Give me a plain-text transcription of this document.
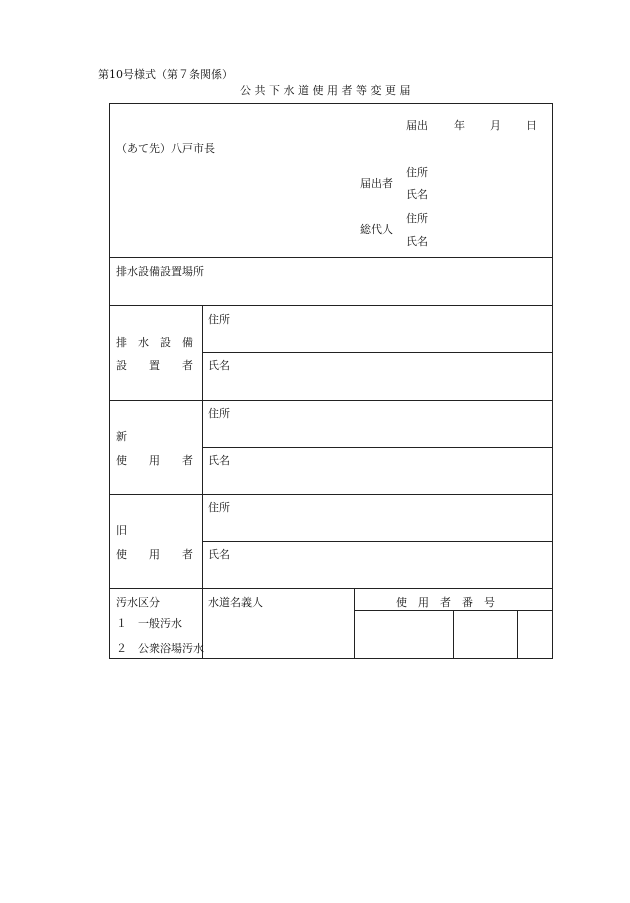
第10号様式（第７条関係）
公 共 下 水 道 使 用 者 等 変 更 届
届出 年 月 日
（あて先）八戸市長
住所
届出者
氏名
住所
総代人
氏名
排水設備設置場所
排　水　設　備
設　　置　　者
住所
氏名
新
使　　用　　者
住所
氏名
旧
使　　用　　者
住所
氏名
汚水区分
１　一般汚水
２　公衆浴場汚水
水道名義人	使　用　者　番　号
